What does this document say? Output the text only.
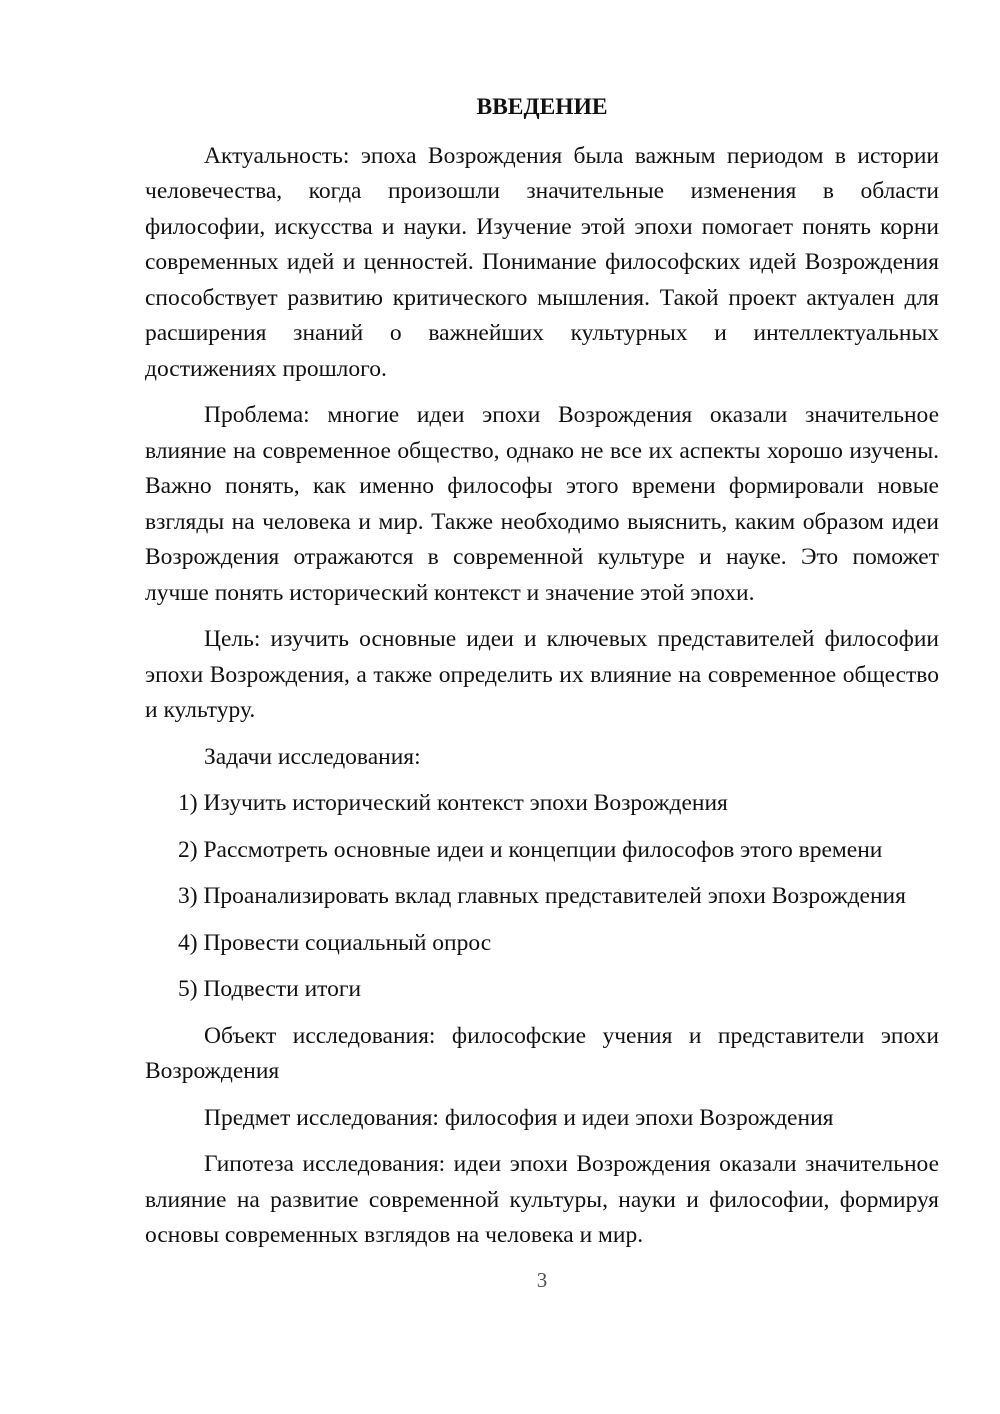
ВВЕДЕНИЕ

Актуальность: эпоха Возрождения была важным периодом в истории человечества, когда произошли значительные изменения в области философии, искусства и науки. Изучение этой эпохи помогает понять корни современных идей и ценностей. Понимание философских идей Возрождения способствует развитию критического мышления. Такой проект актуален для расширения знаний о важнейших культурных и интеллектуальных достижениях прошлого.

Проблема: многие идеи эпохи Возрождения оказали значительное влияние на современное общество, однако не все их аспекты хорошо изучены. Важно понять, как именно философы этого времени формировали новые взгляды на человека и мир. Также необходимо выяснить, каким образом идеи Возрождения отражаются в современной культуре и науке. Это поможет лучше понять исторический контекст и значение этой эпохи.

Цель: изучить основные идеи и ключевых представителей философии эпохи Возрождения, а также определить их влияние на современное общество и культуру.

Задачи исследования:

1) Изучить исторический контекст эпохи Возрождения

2) Рассмотреть основные идеи и концепции философов этого времени

3) Проанализировать вклад главных представителей эпохи Возрождения

4) Провести социальный опрос

5) Подвести итоги

Объект исследования: философские учения и представители эпохи Возрождения

Предмет исследования: философия и идеи эпохи Возрождения

Гипотеза исследования: идеи эпохи Возрождения оказали значительное влияние на развитие современной культуры, науки и философии, формируя основы современных взглядов на человека и мир.

3
